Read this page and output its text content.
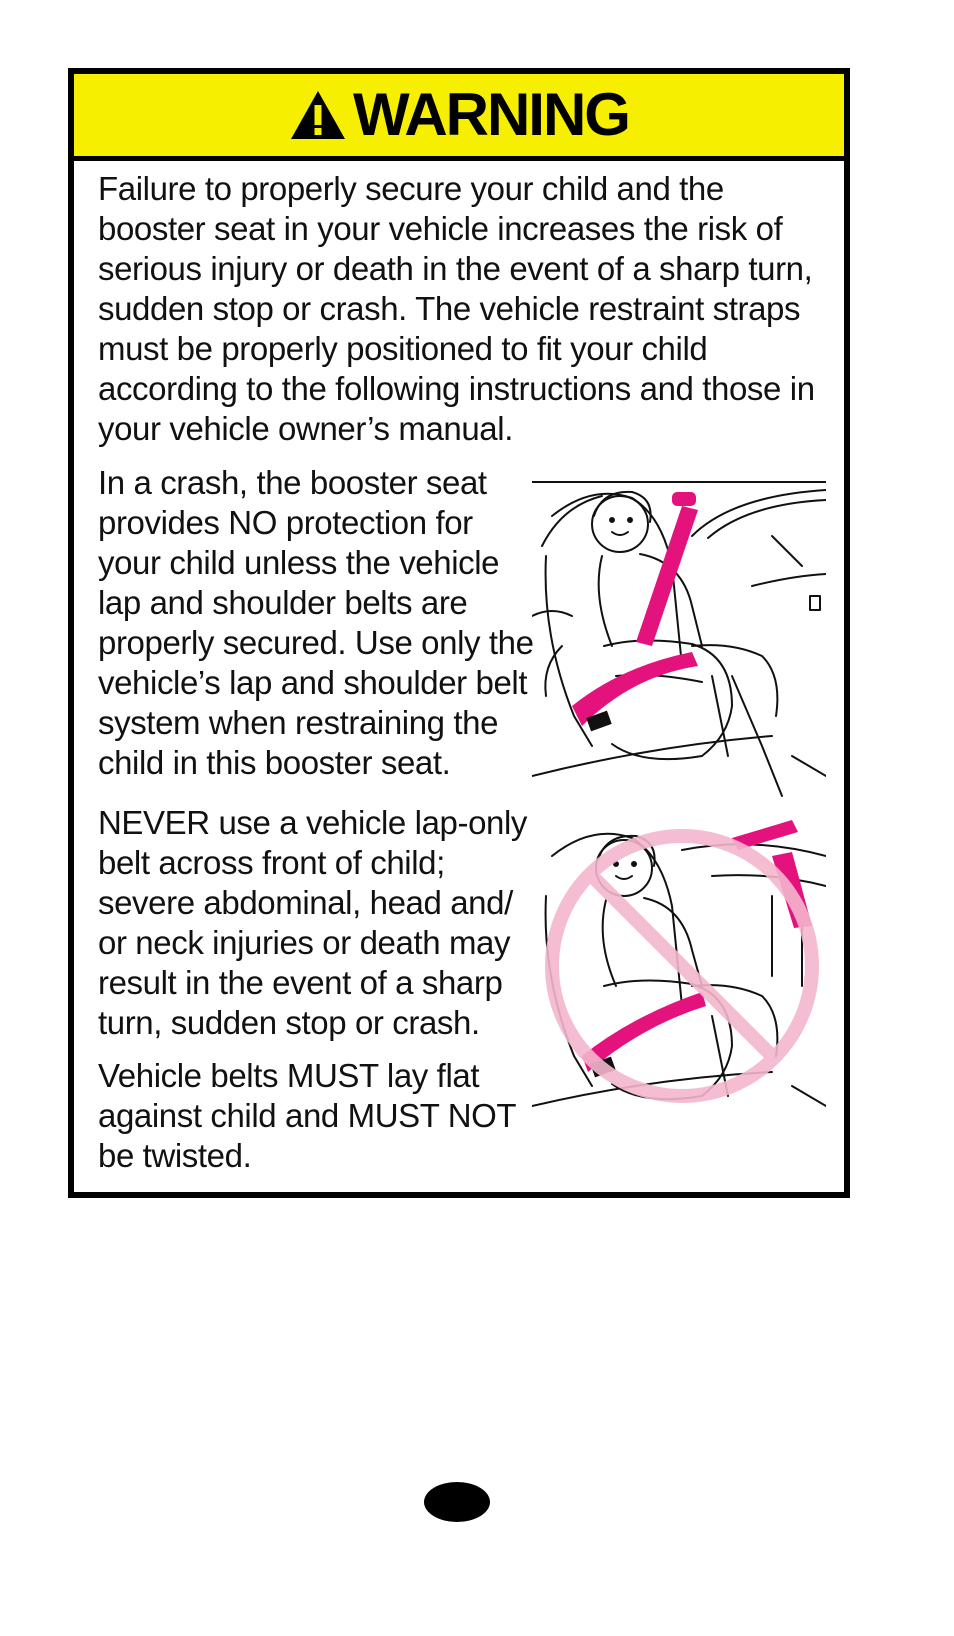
WARNING
Failure to properly secure your child and the booster seat in your vehicle increases the risk of serious injury or death in the event of a sharp turn, sudden stop or crash. The vehicle restraint straps must be properly positioned to fit your child according to the following instructions and those in your vehicle owner’s manual.
In a crash, the booster seat provides NO protection for your child unless the vehicle lap and shoulder belts are properly secured. Use only the vehicle’s lap and shoulder belt system when restraining the child in this booster seat.
NEVER use a vehicle lap-only belt across front of child; severe abdominal, head and/ or neck injuries or death may result in the event of a sharp turn, sudden stop or crash.
Vehicle belts MUST lay flat against child and MUST NOT be twisted.
